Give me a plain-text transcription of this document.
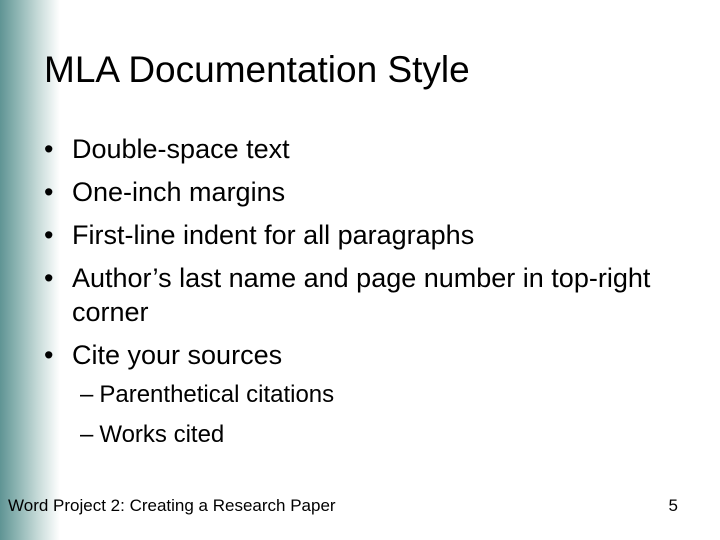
MLA Documentation Style
• Double-space text
• One-inch margins
• First-line indent for all paragraphs
• Author’s last name and page number in top-right corner
• Cite your sources
– Parenthetical citations
– Works cited
Word Project 2: Creating a Research Paper	5
